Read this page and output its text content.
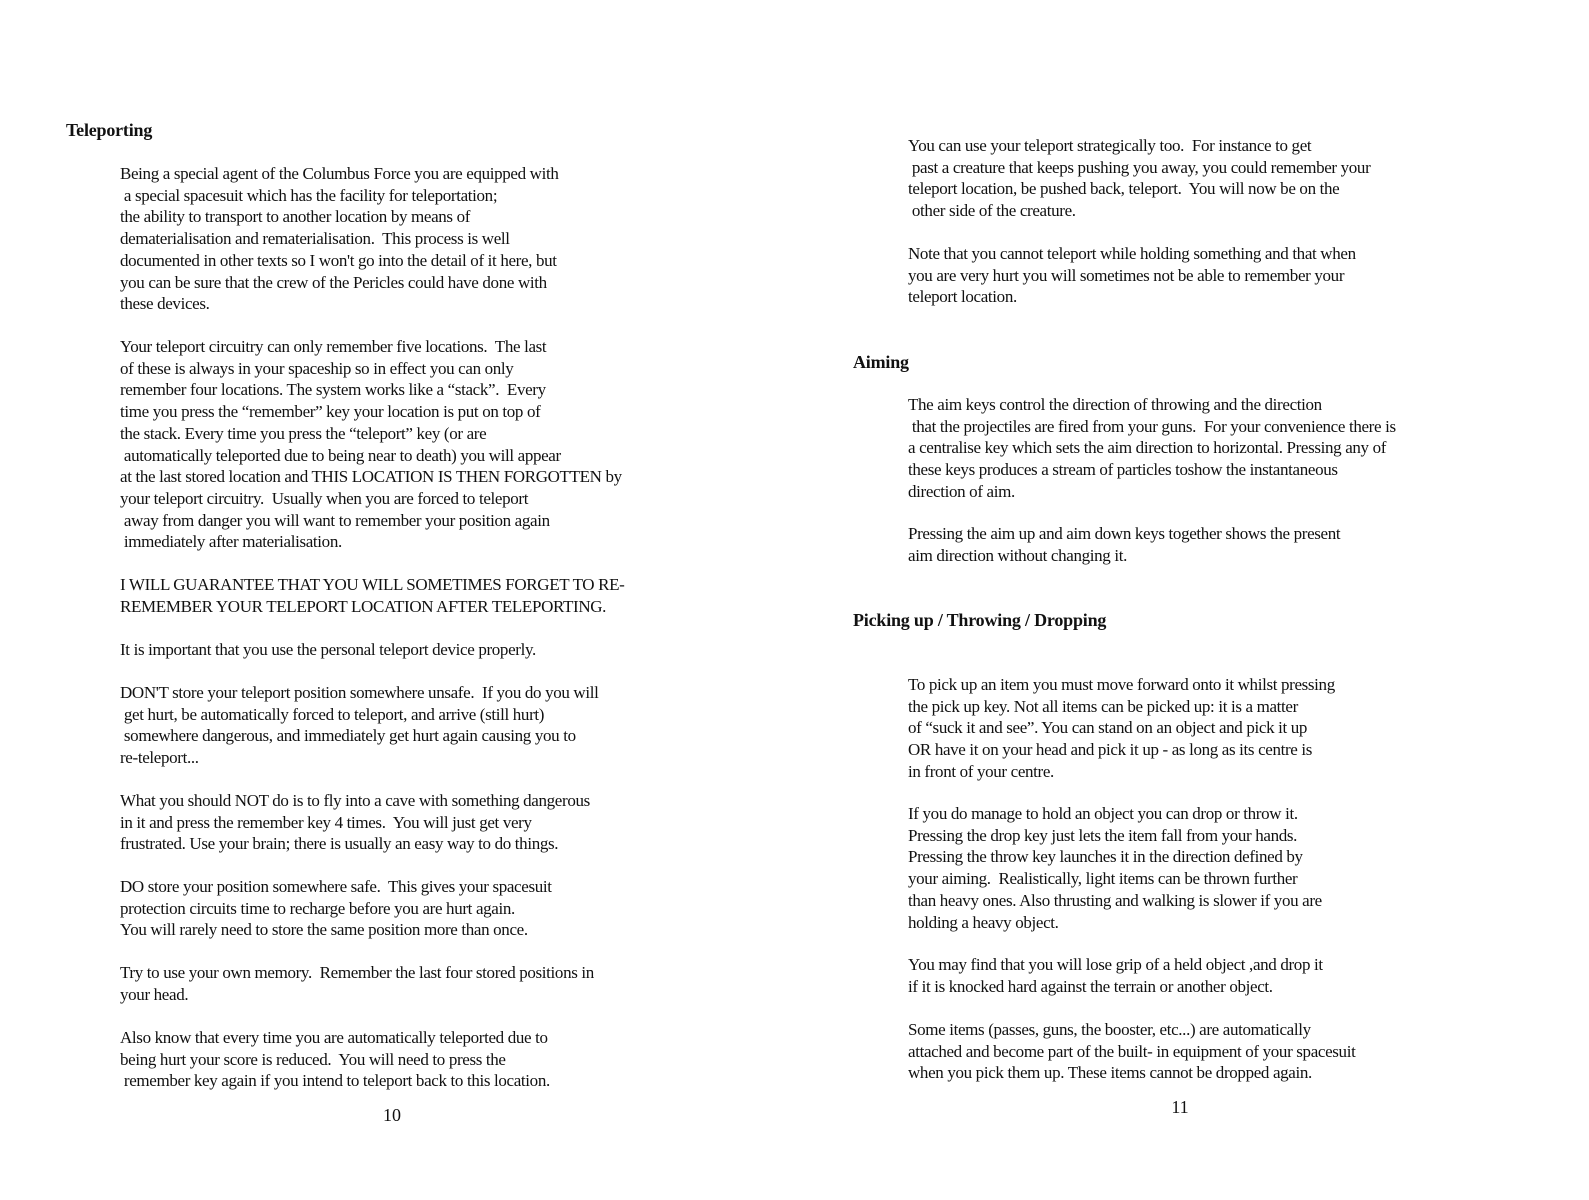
Teleporting
Being a special agent of the Columbus Force you are equipped with
a special spacesuit which has the facility for teleportation;
the ability to transport to another location by means of
dematerialisation and rematerialisation.  This process is well
documented in other texts so I won't go into the detail of it here, but
you can be sure that the crew of the Pericles could have done with
these devices.
Your teleport circuitry can only remember five locations.  The last
of these is always in your spaceship so in effect you can only
remember four locations. The system works like a “stack”.  Every
time you press the “remember” key your location is put on top of
the stack. Every time you press the “teleport” key (or are
automatically teleported due to being near to death) you will appear
at the last stored location and THIS LOCATION IS THEN FORGOTTEN by
your teleport circuitry.  Usually when you are forced to teleport
away from danger you will want to remember your position again
immediately after materialisation.
I WILL GUARANTEE THAT YOU WILL SOMETIMES FORGET TO RE-
REMEMBER YOUR TELEPORT LOCATION AFTER TELEPORTING.
It is important that you use the personal teleport device properly.
DON'T store your teleport position somewhere unsafe.  If you do you will
get hurt, be automatically forced to teleport, and arrive (still hurt)
somewhere dangerous, and immediately get hurt again causing you to
re-teleport...
What you should NOT do is to fly into a cave with something dangerous
in it and press the remember key 4 times.  You will just get very
frustrated. Use your brain; there is usually an easy way to do things.
DO store your position somewhere safe.  This gives your spacesuit
protection circuits time to recharge before you are hurt again.
You will rarely need to store the same position more than once.
Try to use your own memory.  Remember the last four stored positions in
your head.
Also know that every time you are automatically teleported due to
being hurt your score is reduced.  You will need to press the
remember key again if you intend to teleport back to this location.
10
You can use your teleport strategically too.  For instance to get
past a creature that keeps pushing you away, you could remember your
teleport location, be pushed back, teleport.  You will now be on the
other side of the creature.
Note that you cannot teleport while holding something and that when
you are very hurt you will sometimes not be able to remember your
teleport location.
Aiming
The aim keys control the direction of throwing and the direction
that the projectiles are fired from your guns.  For your convenience there is
a centralise key which sets the aim direction to horizontal. Pressing any of
these keys produces a stream of particles toshow the instantaneous
direction of aim.
Pressing the aim up and aim down keys together shows the present
aim direction without changing it.
Picking up / Throwing / Dropping
To pick up an item you must move forward onto it whilst pressing
the pick up key. Not all items can be picked up: it is a matter
of “suck it and see”. You can stand on an object and pick it up
OR have it on your head and pick it up - as long as its centre is
in front of your centre.
If you do manage to hold an object you can drop or throw it.
Pressing the drop key just lets the item fall from your hands.
Pressing the throw key launches it in the direction defined by
your aiming.  Realistically, light items can be thrown further
than heavy ones. Also thrusting and walking is slower if you are
holding a heavy object.
You may find that you will lose grip of a held object ,and drop it
if it is knocked hard against the terrain or another object.
Some items (passes, guns, the booster, etc...) are automatically
attached and become part of the built- in equipment of your spacesuit
when you pick them up. These items cannot be dropped again.
11
